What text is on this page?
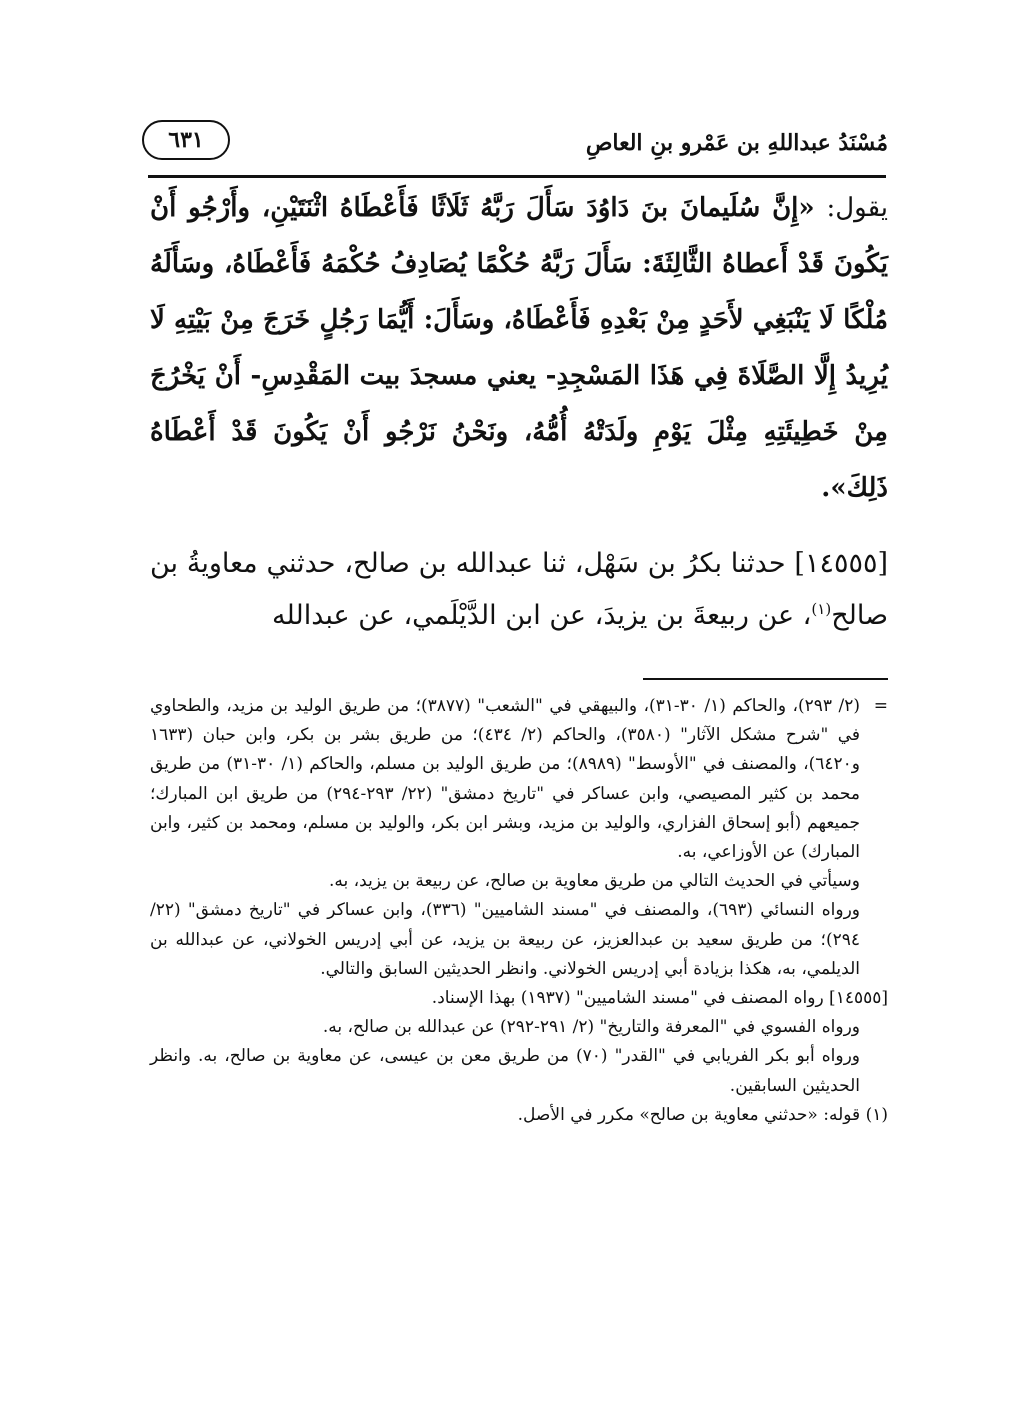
مُسْنَدُ عبداللهِ بن عَمْرو بنِ العاصِ
٦٣١
يقول: «إِنَّ سُلَيمانَ بنَ دَاوُدَ سَأَلَ رَبَّهُ ثَلَاثًا فَأَعْطَاهُ اثْنَتَيْنِ، وأَرْجُو أَنْ يَكُونَ قَدْ أَعطاهُ الثَّالِثَةَ: سَأَلَ رَبَّهُ حُكْمًا يُصَادِفُ حُكْمَهُ فَأَعْطَاهُ، وسَأَلَهُ مُلْكًا لَا يَنْبَغِي لأَحَدٍ مِنْ بَعْدِهِ فَأَعْطَاهُ، وسَأَلَ: أَيُّمَا رَجُلٍ خَرَجَ مِنْ بَيْتِهِ لَا يُرِيدُ إِلَّا الصَّلَاةَ فِي هَذَا المَسْجِدِ- يعني مسجدَ بيت المَقْدِسِ- أَنْ يَخْرُجَ مِنْ خَطِيئَتِهِ مِثْلَ يَوْمِ ولَدَتْهُ أُمُّهُ، ونَحْنُ نَرْجُو أَنْ يَكُونَ قَدْ أَعْطَاهُ ذَلِكَ».
[١٤٥٥٥] حدثنا بكرُ بن سَهْل، ثنا عبدالله بن صالح، حدثني معاويةُ بن صالح$^{(١)}$، عن ربيعةَ بن يزيدَ، عن ابن الدَّيْلَمي، عن عبدالله
=

(٢/ ٢٩٣)، والحاكم (١/ ٣٠-٣١)، والبيهقي في "الشعب" (٣٨٧٧)؛ من طريق الوليد بن مزيد، والطحاوي في "شرح مشكل الآثار" (٣٥٨٠)، والحاكم (٢/ ٤٣٤)؛ من طريق بشر بن بكر، وابن حبان (١٦٣٣ و٦٤٢٠)، والمصنف في "الأوسط" (٨٩٨٩)؛ من طريق الوليد بن مسلم، والحاكم (١/ ٣٠-٣١) من طريق محمد بن كثير المصيصي، وابن عساكر في "تاريخ دمشق" (٢٢/ ٢٩٣-٢٩٤) من طريق ابن المبارك؛ جميعهم (أبو إسحاق الفزاري، والوليد بن مزيد، وبشر ابن بكر، والوليد بن مسلم، ومحمد بن كثير، وابن المبارك) عن الأوزاعي، به.

وسيأتي في الحديث التالي من طريق معاوية بن صالح، عن ربيعة بن يزيد، به.

ورواه النسائي (٦٩٣)، والمصنف في "مسند الشاميين" (٣٣٦)، وابن عساكر في "تاريخ دمشق" (٢٢/ ٢٩٤)؛ من طريق سعيد بن عبدالعزيز، عن ربيعة بن يزيد، عن أبي إدريس الخولاني، عن عبدالله بن الديلمي، به، هكذا بزيادة أبي إدريس الخولاني. وانظر الحديثين السابق والتالي.

[١٤٥٥٥] رواه المصنف في "مسند الشاميين" (١٩٣٧) بهذا الإسناد.

ورواه الفسوي في "المعرفة والتاريخ" (٢/ ٢٩١-٢٩٢) عن عبدالله بن صالح، به.

ورواه أبو بكر الفريابي في "القدر" (٧٠) من طريق معن بن عيسى، عن معاوية بن صالح، به. وانظر الحديثين السابقين.

(١) قوله: «حدثني معاوية بن صالح» مكرر في الأصل.
